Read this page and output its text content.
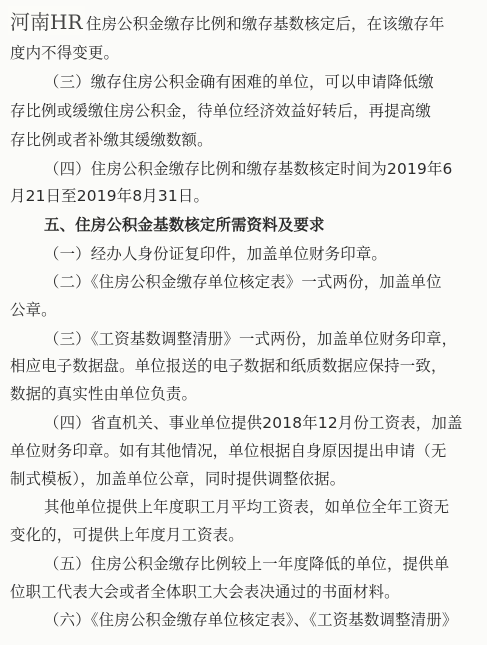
河南HR 住房公积金缴存比例和缴存基数核定后，在该缴存年
度内不得变更。
（三）缴存住房公积金确有困难的单位，可以申请降低缴
存比例或缓缴住房公积金，待单位经济效益好转后，再提高缴
存比例或者补缴其缓缴数额。
（四）住房公积金缴存比例和缴存基数核定时间为2019年6
月21日至2019年8月31日。
五、住房公积金基数核定所需资料及要求
（一）经办人身份证复印件，加盖单位财务印章。
（二）《住房公积金缴存单位核定表》一式两份，加盖单位
公章。
（三）《工资基数调整清册》一式两份，加盖单位财务印章，
相应电子数据盘。单位报送的电子数据和纸质数据应保持一致，
数据的真实性由单位负责。
（四）省直机关、事业单位提供2018年12月份工资表，加盖
单位财务印章。如有其他情况，单位根据自身原因提出申请（无
制式模板），加盖单位公章，同时提供调整依据。
其他单位提供上年度职工月平均工资表，如单位全年工资无
变化的，可提供上年度月工资表。
（五）住房公积金缴存比例较上一年度降低的单位，提供单
位职工代表大会或者全体职工大会表决通过的书面材料。
（六）《住房公积金缴存单位核定表》、《工资基数调整清册》
